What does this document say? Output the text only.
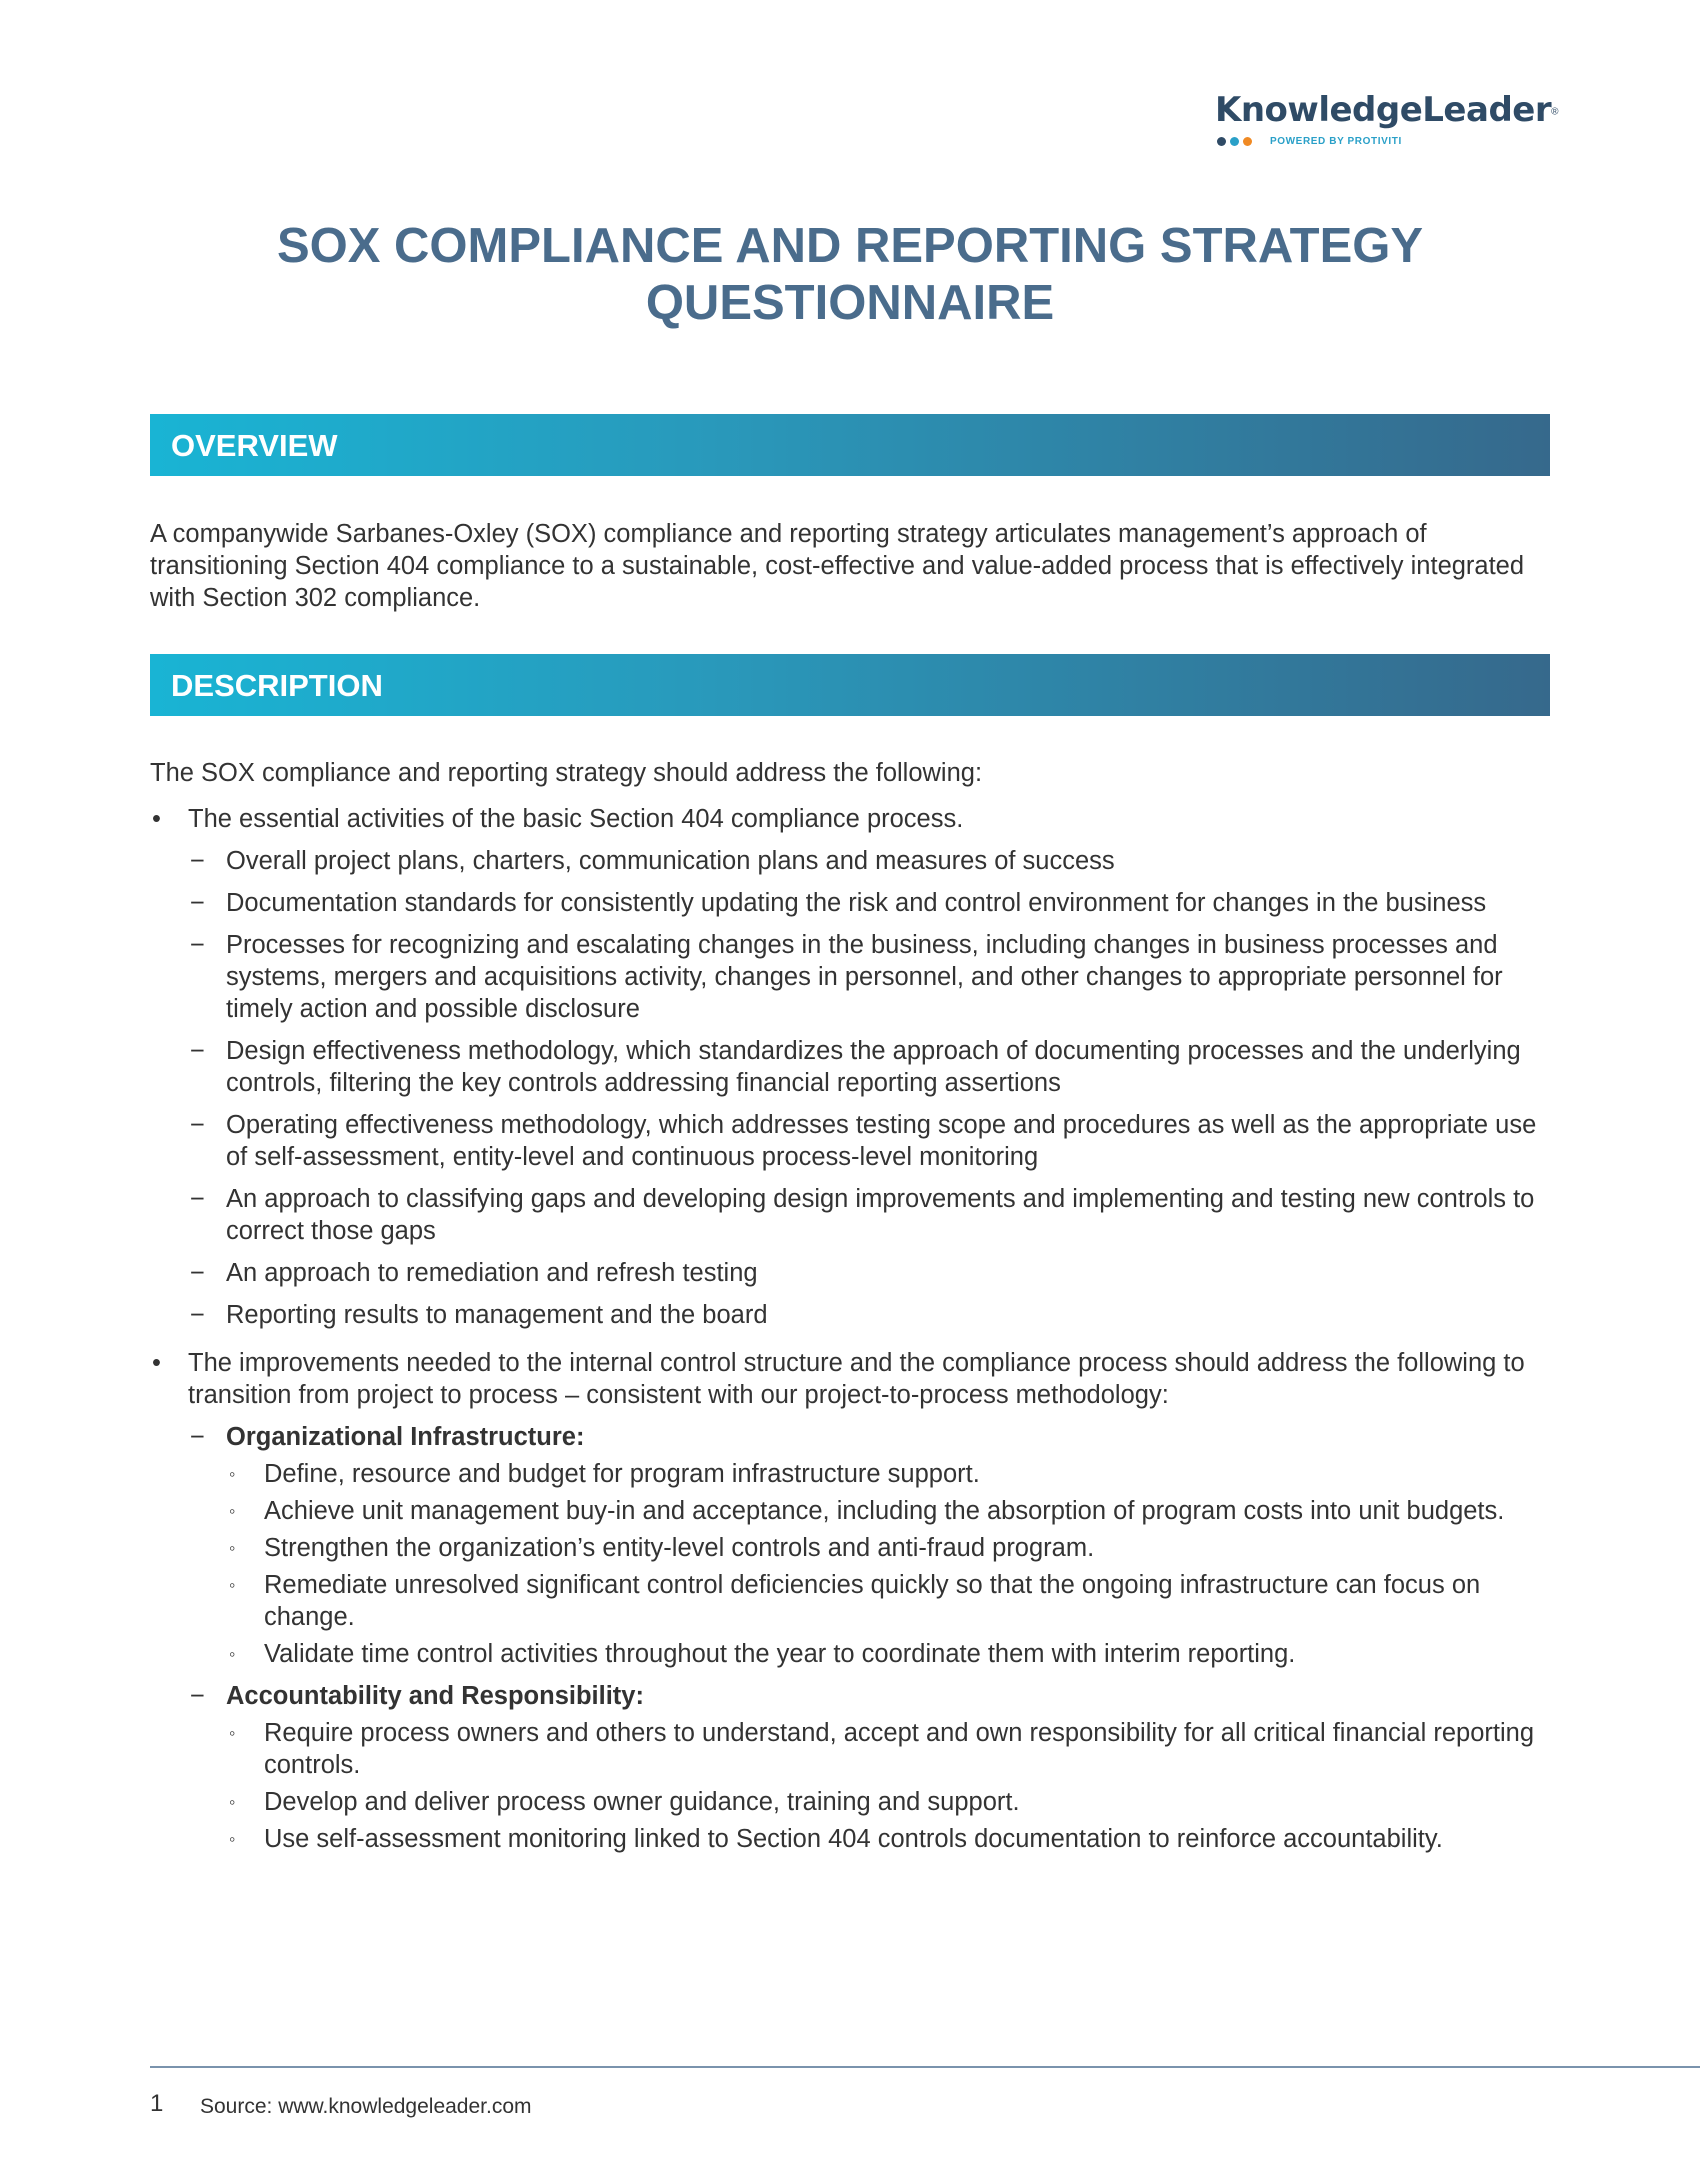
KnowledgeLeader®
POWERED BY PROTIVITI
SOX COMPLIANCE AND REPORTING STRATEGY
QUESTIONNAIRE
OVERVIEW
A companywide Sarbanes-Oxley (SOX) compliance and reporting strategy articulates management’s approach of transitioning Section 404 compliance to a sustainable, cost-effective and value-added process that is effectively integrated with Section 302 compliance.
DESCRIPTION
The SOX compliance and reporting strategy should address the following:
• The essential activities of the basic Section 404 compliance process.
− Overall project plans, charters, communication plans and measures of success
− Documentation standards for consistently updating the risk and control environment for changes in the business
− Processes for recognizing and escalating changes in the business, including changes in business processes and systems, mergers and acquisitions activity, changes in personnel, and other changes to appropriate personnel for timely action and possible disclosure
− Design effectiveness methodology, which standardizes the approach of documenting processes and the underlying controls, filtering the key controls addressing financial reporting assertions
− Operating effectiveness methodology, which addresses testing scope and procedures as well as the appropriate use of self-assessment, entity-level and continuous process-level monitoring
− An approach to classifying gaps and developing design improvements and implementing and testing new controls to correct those gaps
− An approach to remediation and refresh testing
− Reporting results to management and the board
• The improvements needed to the internal control structure and the compliance process should address the following to transition from project to process – consistent with our project-to-process methodology:
− Organizational Infrastructure:
◦ Define, resource and budget for program infrastructure support.
◦ Achieve unit management buy-in and acceptance, including the absorption of program costs into unit budgets.
◦ Strengthen the organization’s entity-level controls and anti-fraud program.
◦ Remediate unresolved significant control deficiencies quickly so that the ongoing infrastructure can focus on change.
◦ Validate time control activities throughout the year to coordinate them with interim reporting.
− Accountability and Responsibility:
◦ Require process owners and others to understand, accept and own responsibility for all critical financial reporting controls.
◦ Develop and deliver process owner guidance, training and support.
◦ Use self-assessment monitoring linked to Section 404 controls documentation to reinforce accountability.
1 Source: www.knowledgeleader.com
